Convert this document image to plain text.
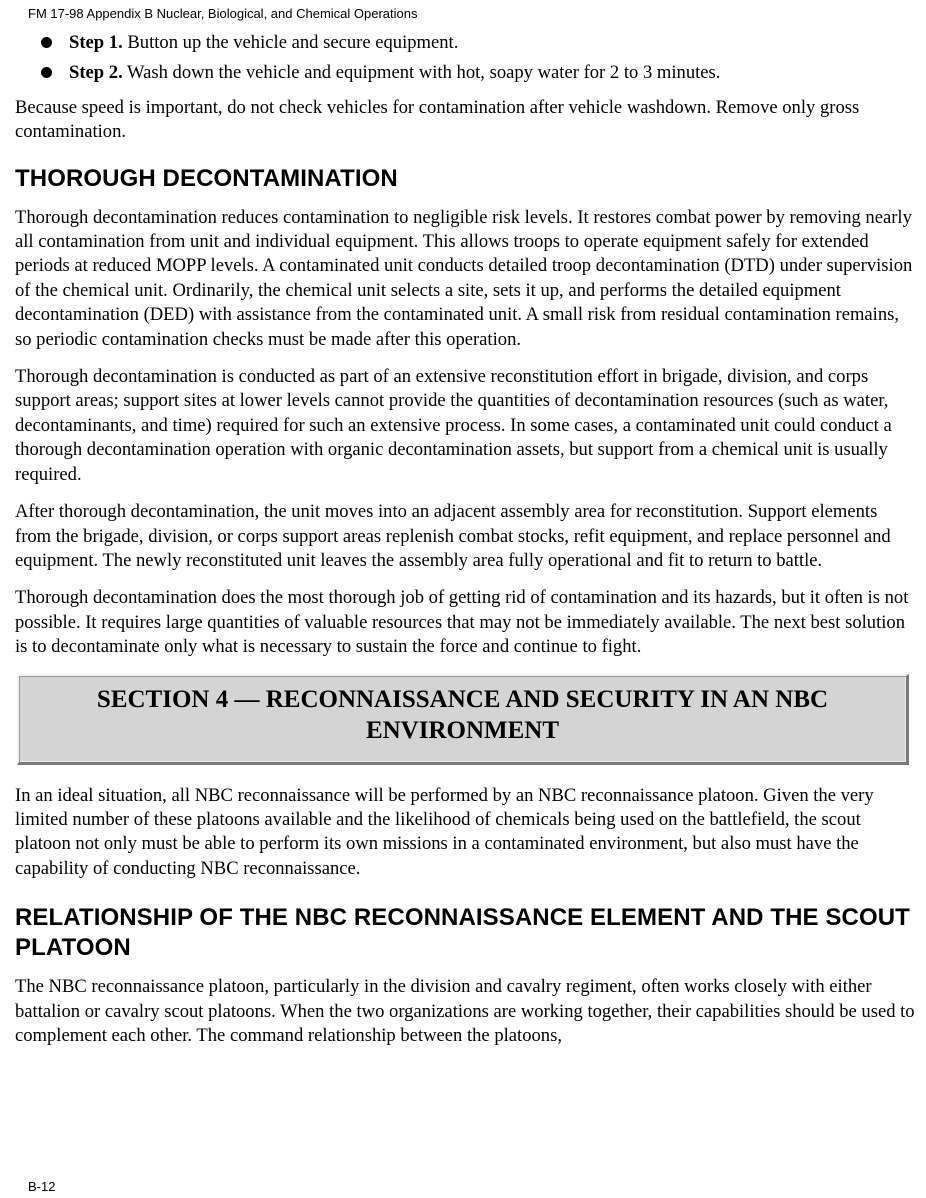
FM 17-98 Appendix B Nuclear, Biological, and Chemical Operations
Step 1. Button up the vehicle and secure equipment.
Step 2. Wash down the vehicle and equipment with hot, soapy water for 2 to 3 minutes.

Because speed is important, do not check vehicles for contamination after vehicle washdown. Remove only gross contamination.

THOROUGH DECONTAMINATION

Thorough decontamination reduces contamination to negligible risk levels. It restores combat power by removing nearly all contamination from unit and individual equipment. This allows troops to operate equipment safely for extended periods at reduced MOPP levels. A contaminated unit conducts detailed troop decontamination (DTD) under supervision of the chemical unit. Ordinarily, the chemical unit selects a site, sets it up, and performs the detailed equipment decontamination (DED) with assistance from the contaminated unit. A small risk from residual contamination remains, so periodic contamination checks must be made after this operation.

Thorough decontamination is conducted as part of an extensive reconstitution effort in brigade, division, and corps support areas; support sites at lower levels cannot provide the quantities of decontamination resources (such as water, decontaminants, and time) required for such an extensive process. In some cases, a contaminated unit could conduct a thorough decontamination operation with organic decontamination assets, but support from a chemical unit is usually required.

After thorough decontamination, the unit moves into an adjacent assembly area for reconstitution. Support elements from the brigade, division, or corps support areas replenish combat stocks, refit equipment, and replace personnel and equipment. The newly reconstituted unit leaves the assembly area fully operational and fit to return to battle.

Thorough decontamination does the most thorough job of getting rid of contamination and its hazards, but it often is not possible. It requires large quantities of valuable resources that may not be immediately available. The next best solution is to decontaminate only what is necessary to sustain the force and continue to fight.

SECTION 4 — RECONNAISSANCE AND SECURITY IN AN NBC
ENVIRONMENT

In an ideal situation, all NBC reconnaissance will be performed by an NBC reconnaissance platoon. Given the very limited number of these platoons available and the likelihood of chemicals being used on the battlefield, the scout platoon not only must be able to perform its own missions in a contaminated environment, but also must have the capability of conducting NBC reconnaissance.

RELATIONSHIP OF THE NBC RECONNAISSANCE ELEMENT AND THE SCOUT PLATOON

The NBC reconnaissance platoon, particularly in the division and cavalry regiment, often works closely with either battalion or cavalry scout platoons. When the two organizations are working together, their capabilities should be used to complement each other. The command relationship between the platoons,

B-12
